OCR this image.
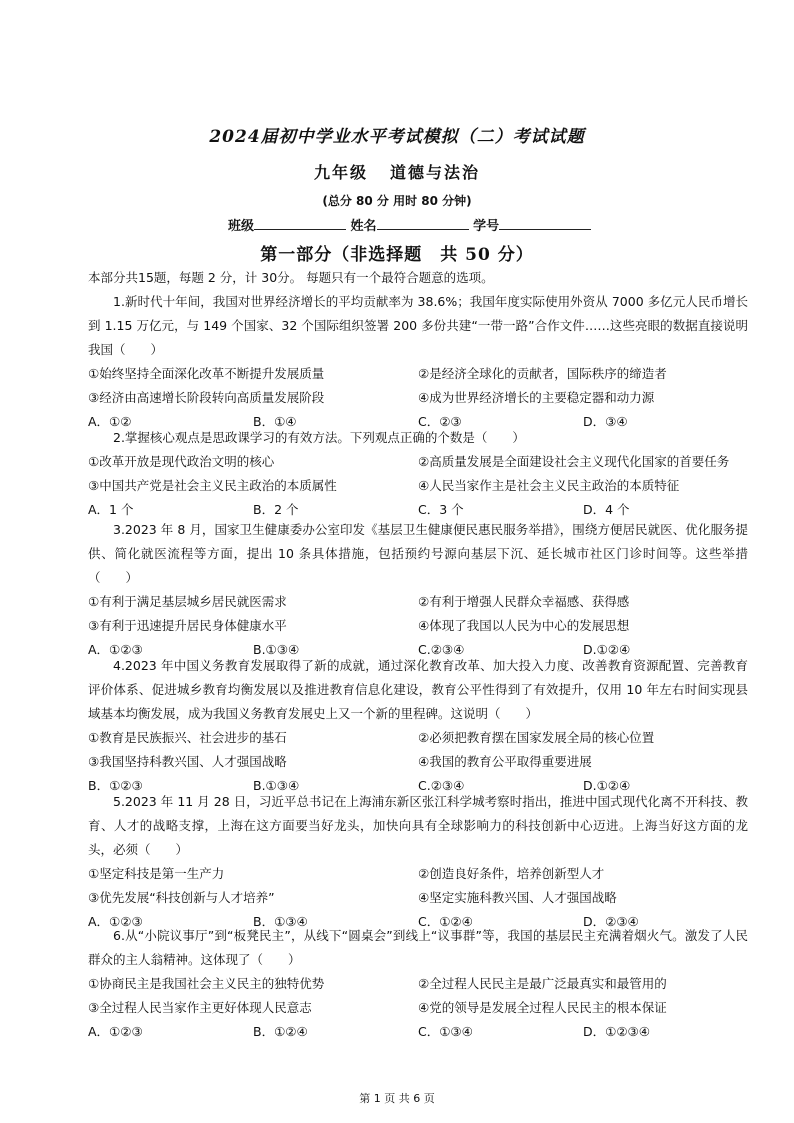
2024届初中学业水平考试模拟（二）考试试题
九年级 道德与法治
(总分 80 分 用时 80 分钟)
班级	姓名	学号
第一部分（非选择题　共 50 分）

本部分共15题，每题 2 分，计 30分。 每题只有一个最符合题意的选项。

1.新时代十年间，我国对世界经济增长的平均贡献率为 38.6%；我国年度实际使用外资从 7000 多亿元人民币增长到 1.15 万亿元，与 149 个国家、32 个国际组织签署 200 多份共建“一带一路”合作文件……这些亮眼的数据直接说明我国（　　）

①始终坚持全面深化改革不断提升发展质量	②是经济全球化的贡献者，国际秩序的缔造者
③经济由高速增长阶段转向高质量发展阶段	④成为世界经济增长的主要稳定器和动力源
A．①②	B．①④	C．②③	D．③④

2.掌握核心观点是思政课学习的有效方法。下列观点正确的个数是（　　）

①改革开放是现代政治文明的核心	②高质量发展是全面建设社会主义现代化国家的首要任务
③中国共产党是社会主义民主政治的本质属性	④人民当家作主是社会主义民主政治的本质特征
A．1 个	B．2 个	C．3 个	D．4 个

3.2023 年 8 月，国家卫生健康委办公室印发《基层卫生健康便民惠民服务举措》，围绕方便居民就医、优化服务提供、简化就医流程等方面，提出 10 条具体措施，包括预约号源向基层下沉、延长城市社区门诊时间等。这些举措（　　）

①有利于满足基层城乡居民就医需求	②有利于增强人民群众幸福感、获得感
③有利于迅速提升居民身体健康水平	④体现了我国以人民为中心的发展思想
A．①②③	B.①③④	C.②③④	D.①②④

4.2023 年中国义务教育发展取得了新的成就，通过深化教育改革、加大投入力度、改善教育资源配置、完善教育评价体系、促进城乡教育均衡发展以及推进教育信息化建设，教育公平性得到了有效提升，仅用 10 年左右时间实现县域基本均衡发展，成为我国义务教育发展史上又一个新的里程碑。这说明（　　）

①教育是民族振兴、社会进步的基石	②必须把教育摆在国家发展全局的核心位置
③我国坚持科教兴国、人才强国战略	④我国的教育公平取得重要进展
B．①②③	B.①③④	C.②③④	D.①②④

5.2023 年 11 月 28 日，习近平总书记在上海浦东新区张江科学城考察时指出，推进中国式现代化离不开科技、教育、人才的战略支撑，上海在这方面要当好龙头，加快向具有全球影响力的科技创新中心迈进。上海当好这方面的龙头，必须（　　）

①坚定科技是第一生产力	②创造良好条件，培养创新型人才
③优先发展“科技创新与人才培养”	④坚定实施科教兴国、人才强国战略
A．①②③	B．①③④	C．①②④	D．②③④

6.从“小院议事厅”到“板凳民主”，从线下“圆桌会”到线上“议事群”等，我国的基层民主充满着烟火气。激发了人民群众的主人翁精神。这体现了（　　）

①协商民主是我国社会主义民主的独特优势	②全过程人民民主是最广泛最真实和最管用的
③全过程人民当家作主更好体现人民意志	④党的领导是发展全过程人民民主的根本保证
A．①②③	B．①②④	C．①③④	D．①②③④
第 1 页 共 6 页
